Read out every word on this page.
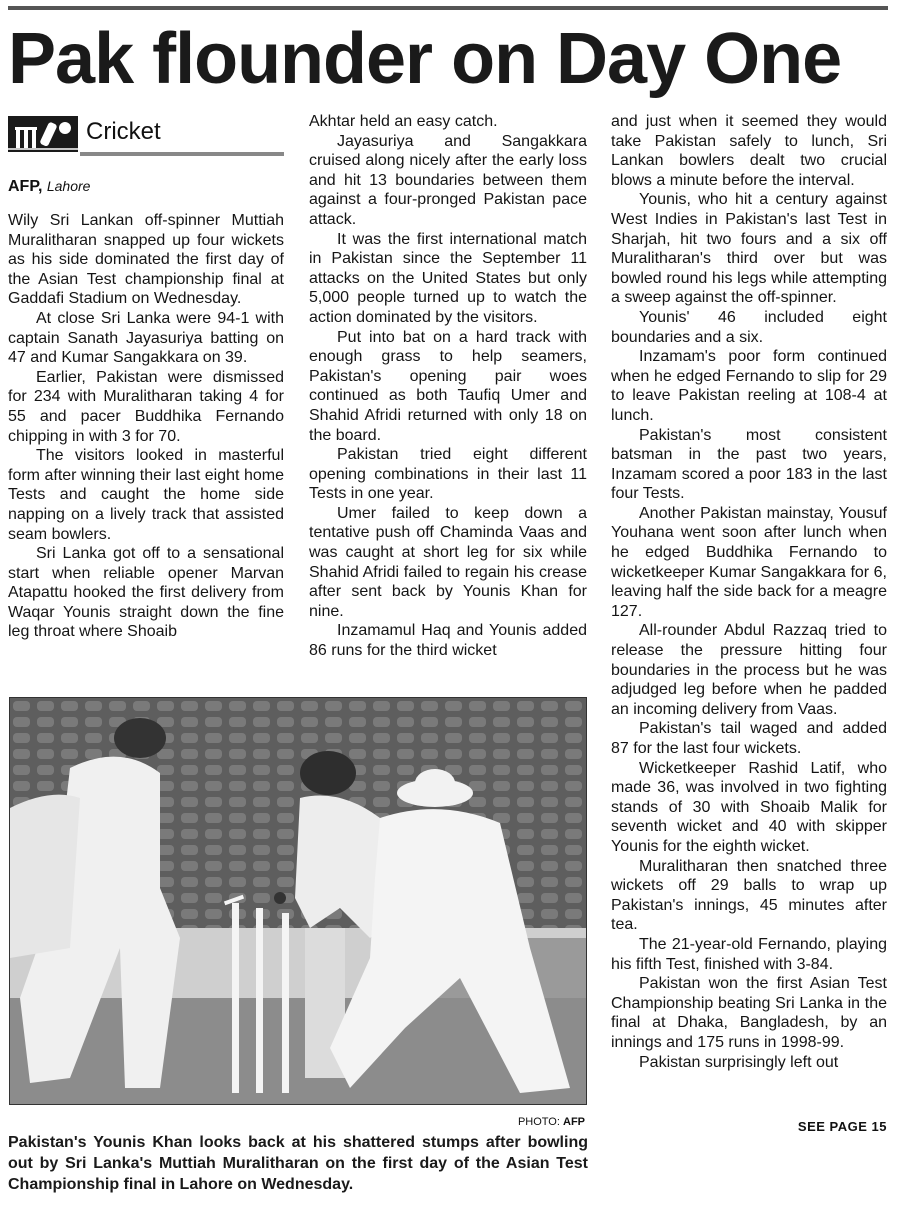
Pak flounder on Day One
Cricket
AFP, Lahore

Wily Sri Lankan off-spinner Muttiah Muralitharan snapped up four wickets as his side dominated the first day of the Asian Test championship final at Gaddafi Stadium on Wednesday.

At close Sri Lanka were 94-1 with captain Sanath Jayasuriya batting on 47 and Kumar Sangakkara on 39.

Earlier, Pakistan were dismissed for 234 with Muralitharan taking 4 for 55 and pacer Buddhika Fernando chipping in with 3 for 70.

The visitors looked in masterful form after winning their last eight home Tests and caught the home side napping on a lively track that assisted seam bowlers.

Sri Lanka got off to a sensational start when reliable opener Marvan Atapattu hooked the first delivery from Waqar Younis straight down the fine leg throat where Shoaib

Akhtar held an easy catch.

Jayasuriya and Sangakkara cruised along nicely after the early loss and hit 13 boundaries between them against a four-pronged Pakistan pace attack.

It was the first international match in Pakistan since the September 11 attacks on the United States but only 5,000 people turned up to watch the action dominated by the visitors.

Put into bat on a hard track with enough grass to help seamers, Pakistan's opening pair woes continued as both Taufiq Umer and Shahid Afridi returned with only 18 on the board.

Pakistan tried eight different opening combinations in their last 11 Tests in one year.

Umer failed to keep down a tentative push off Chaminda Vaas and was caught at short leg for six while Shahid Afridi failed to regain his crease after sent back by Younis Khan for nine.

Inzamamul Haq and Younis added 86 runs for the third wicket

and just when it seemed they would take Pakistan safely to lunch, Sri Lankan bowlers dealt two crucial blows a minute before the interval.

Younis, who hit a century against West Indies in Pakistan's last Test in Sharjah, hit two fours and a six off Muralitharan's third over but was bowled round his legs while attempting a sweep against the off-spinner.

Younis' 46 included eight boundaries and a six.

Inzamam's poor form continued when he edged Fernando to slip for 29 to leave Pakistan reeling at 108-4 at lunch.

Pakistan's most consistent batsman in the past two years, Inzamam scored a poor 183 in the last four Tests.

Another Pakistan mainstay, Yousuf Youhana went soon after lunch when he edged Buddhika Fernando to wicketkeeper Kumar Sangakkara for 6, leaving half the side back for a meagre 127.

All-rounder Abdul Razzaq tried to release the pressure hitting four boundaries in the process but he was adjudged leg before when he padded an incoming delivery from Vaas.

Pakistan's tail waged and added 87 for the last four wickets.

Wicketkeeper Rashid Latif, who made 36, was involved in two fighting stands of 30 with Shoaib Malik for seventh wicket and 40 with skipper Younis for the eighth wicket.

Muralitharan then snatched three wickets off 29 balls to wrap up Pakistan's innings, 45 minutes after tea.

The 21-year-old Fernando, playing his fifth Test, finished with 3-84.

Pakistan won the first Asian Test Championship beating Sri Lanka in the final at Dhaka, Bangladesh, by an innings and 175 runs in 1998-99.

Pakistan surprisingly left out

PHOTO: AFP
Pakistan's Younis Khan looks back at his shattered stumps after bowling out by Sri Lanka's Muttiah Muralitharan on the first day of the Asian Test Championship final in Lahore on Wednesday.
SEE PAGE 15
